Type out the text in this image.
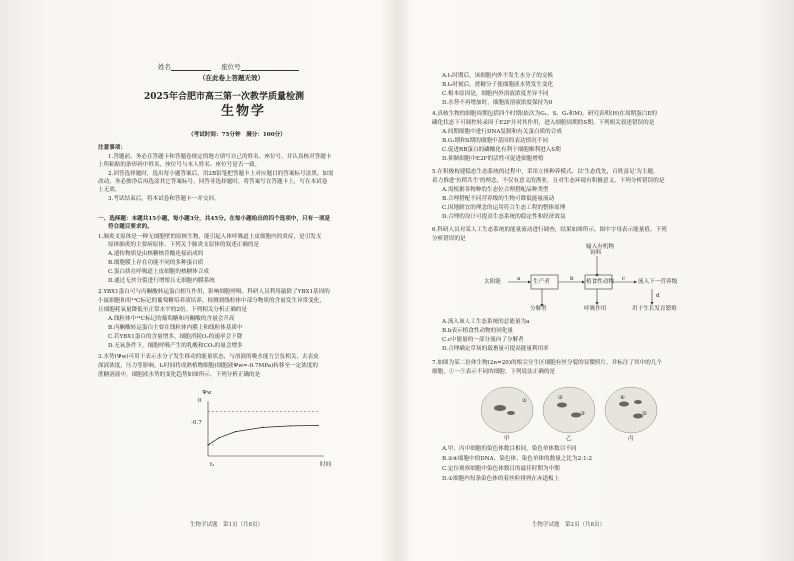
姓名	座位号
（在此卷上答题无效）
2025年合肥市高三第一次教学质量检测
生物学
（考试时间：75分钟　满分：100分）
注意事项：
1.答题前，务必在答题卡和答题卷规定的地方填写自己的姓名、座位号，并认真核对答题卡
上所粘贴的条形码中姓名、座位号与本人姓名、座位号是否一致。
2.回答选择题时，选出每小题答案后，用2B铅笔把答题卡上对应题目的答案标号涂黑。如需
改动，务必擦净后再选涂其它答案标号。回答非选择题时，将答案写在答题卡上，写在本试卷
上无效。
3.考试结束后，将本试卷和答题卡一并交回。
一、选择题：本题共15小题，每小题3分，共45分。在每小题给出的四个选项中，只有一项是
符合题目要求的。
1.肺炎支原体是一种无细胞壁的原核生物，能引起人体呼吸道上皮细胞内的炎症，是引发支
原体肺炎的主要病原体。下列关于肺炎支原体的叙述正确的是
A.遗传物质是由核糖核苷酸连接而成的
B.细胞膜上存在功能不同的多种蛋白质
C.蛋白质在呼吸道上皮细胞的核糖体合成
D.通过无丝分裂进行增殖且无细胞内膜系统
2.YBX1蛋白可与丙酮酸转运蛋白相互作用，影响细胞呼吸。科研人员利用敲除了YBX1基因的
小鼠细胞和用¹⁴C标记的葡萄糖培养液培养，检测到线粒体中部分物质的含量发生异常变化，
且细胞耗氧量降低至正常水平的2倍。下列相关分析正确的是
A.线粒体中¹⁴C标记的葡萄糖和丙酮酸的含量会升高
B.丙酮酸转运蛋白主要在线粒体内膜上和线粒体基质中
C.若YBX1蛋白的含量增多，细胞消耗O₂的速率会下降
D.无氧条件下，细胞呼吸产生的乳酸和CO₂的量会增多
3.水势(Ψw)可用于表示水分子发生移动的能量状态，与溶液的吸水能力呈负相关，去表皮
深液浓度，压力等影响。t₁时间将成熟植物细胞(细胞液Ψw=-0.7MPa)转移至一定浓度的
蔗糖溶液中，细胞液水势的变化趋势如图所示。下列分析正确的是
Ψw
时间
0
-0.7
t₁
生物学试题　第1页（共8页）
A.t₁时期后，该细胞内外不发生水分子的交换
B.t₂时刻后，蔗糖分子使细胞液水势发生变化
C.根本原因是，细胞内外溶液浓度差异不同
D.水势不再增加时，细胞液溶液浓度保持为0
4.真核生物的细胞周期包括四个时期(依次为G₁、S、G₂和M)。研究表明(H)在周期蛋白E的
磷化状态下可调控转录因子E2F并对其作用，进入细胞周期的S期。下列相关叙述错误的是
A.间期细胞中进行DNA复制和有关蛋白质的合成
B.G₁期和S期的细胞中基因的表达情况不同
C.促进RB蛋白的磷酸化有利于细胞顺利进入S期
D.抑制细胞中E2F的活性可促进细胞增殖
5.在积极构建稳态生态系统的过程中，采用立体种养模式，以'生态优先，百姓富足'为主题，
着力推进'鱼稻共生'的理念，不仅有意义的渔业，且对生态环境有积极意义。下列分析错误的是
A.需根据各物种的生态位合理搭配品种类型
B.合理搭配不同营养级的生物可降低能量流动
C.因地制宜的理念的运用符合生态工程的整体原理
D.合理的设计可提高生态系统的稳定性和经济效益
6.科研人员对某人工生态系统的能量流动进行调查，结果如图所示，图中字母表示能量值。下列
分析错误的是
太阳能	生产者	植食性动物
饲料
输入有机物
流入下一营养级
分解者	呼吸作用	用于生长发育繁殖
a	b	c
d
A.流入该人工生态系统的总能量为a
B.b表示植食性动物的同化量
C.c中能量的一部分流向了分解者
D.合理确定草场的载畜量可提高能量利用率
7.如图为某二倍体生物(2n=20)的根尖分生区细胞有丝分裂的显微照片，并标注了其中的几个
细胞，①～⑤表示不同的细胞。下列说法正确的是
①	②
③
④
⑤
甲	乙	丙
A.甲、丙中细胞的染色体数目相同，染色单体数目不同
B.②④细胞中的DNA、染色体、染色单体的数量之比为2:1:2
C.定位观察细胞中染色体数目的最佳时期为中期
D.①细胞内每条染色体的着丝粒排列在赤道板上
生物学试题　第2页（共8页）
